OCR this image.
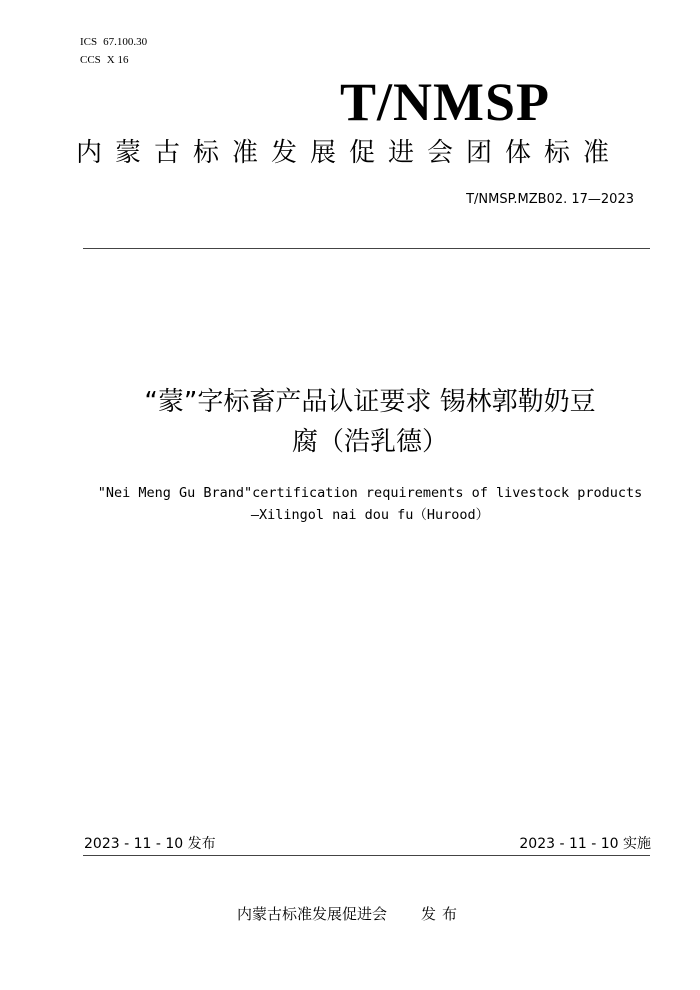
ICS 67.100.30
CCS X 16
T/NMSP
内蒙古标准发展促进会团体标准
T/NMSP.MZB02. 17—2023
“蒙”字标畜产品认证要求 锡林郭勒奶豆
腐（浩乳德）
"Nei Meng Gu Brand"certification requirements of livestock products
—Xilingol nai dou fu（Hurood）
2023 - 11 - 10 发布	2023 - 11 - 10 实施
内蒙古标准发展促进会 发布
